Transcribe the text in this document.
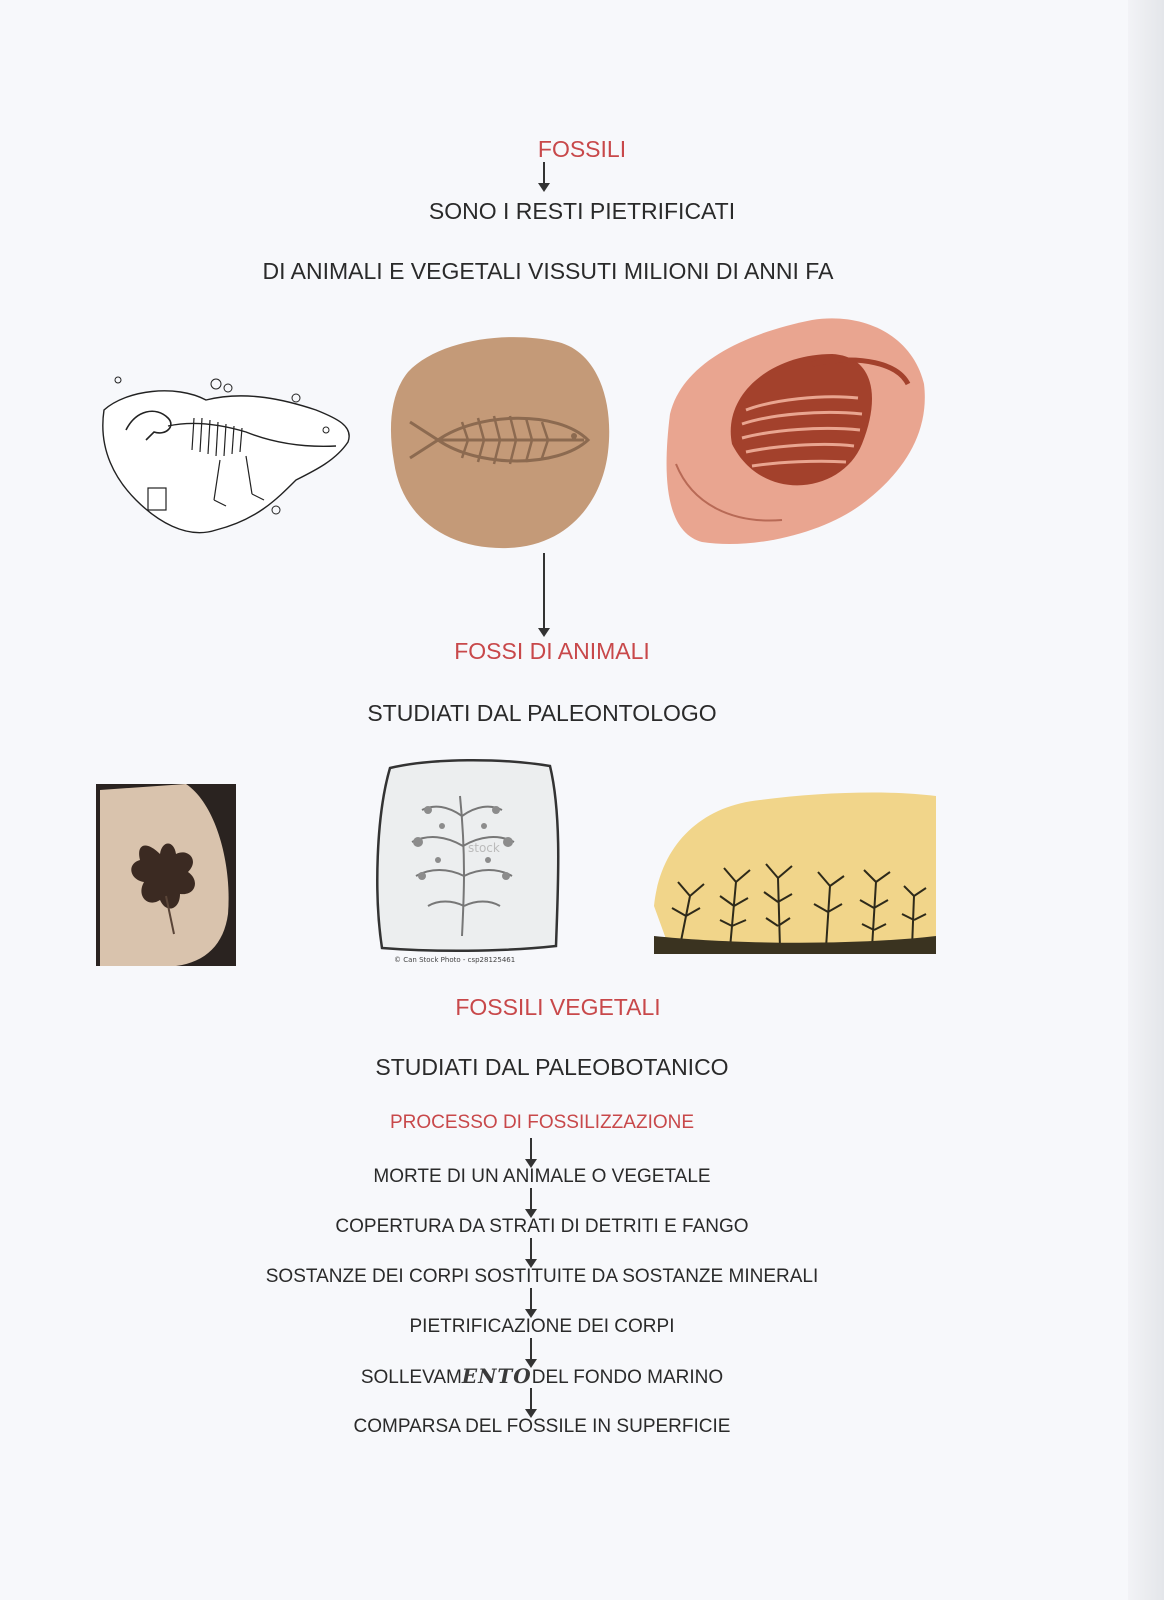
FOSSILI
SONO I RESTI PIETRIFICATI
DI ANIMALI E VEGETALI VISSUTI MILIONI DI ANNI FA
FOSSI DI ANIMALI
STUDIATI DAL PALEONTOLOGO
stock
© Can Stock Photo - csp28125461
FOSSILI VEGETALI
STUDIATI DAL PALEOBOTANICO
PROCESSO DI FOSSILIZZAZIONE
MORTE DI UN ANIMALE O VEGETALE
COPERTURA DA STRATI DI DETRITI E FANGO
SOSTANZE DEI CORPI SOSTITUITE DA SOSTANZE MINERALI
PIETRIFICAZIONE DEI CORPI
SOLLEVAMENTODEL FONDO MARINO
COMPARSA DEL FOSSILE IN SUPERFICIE
